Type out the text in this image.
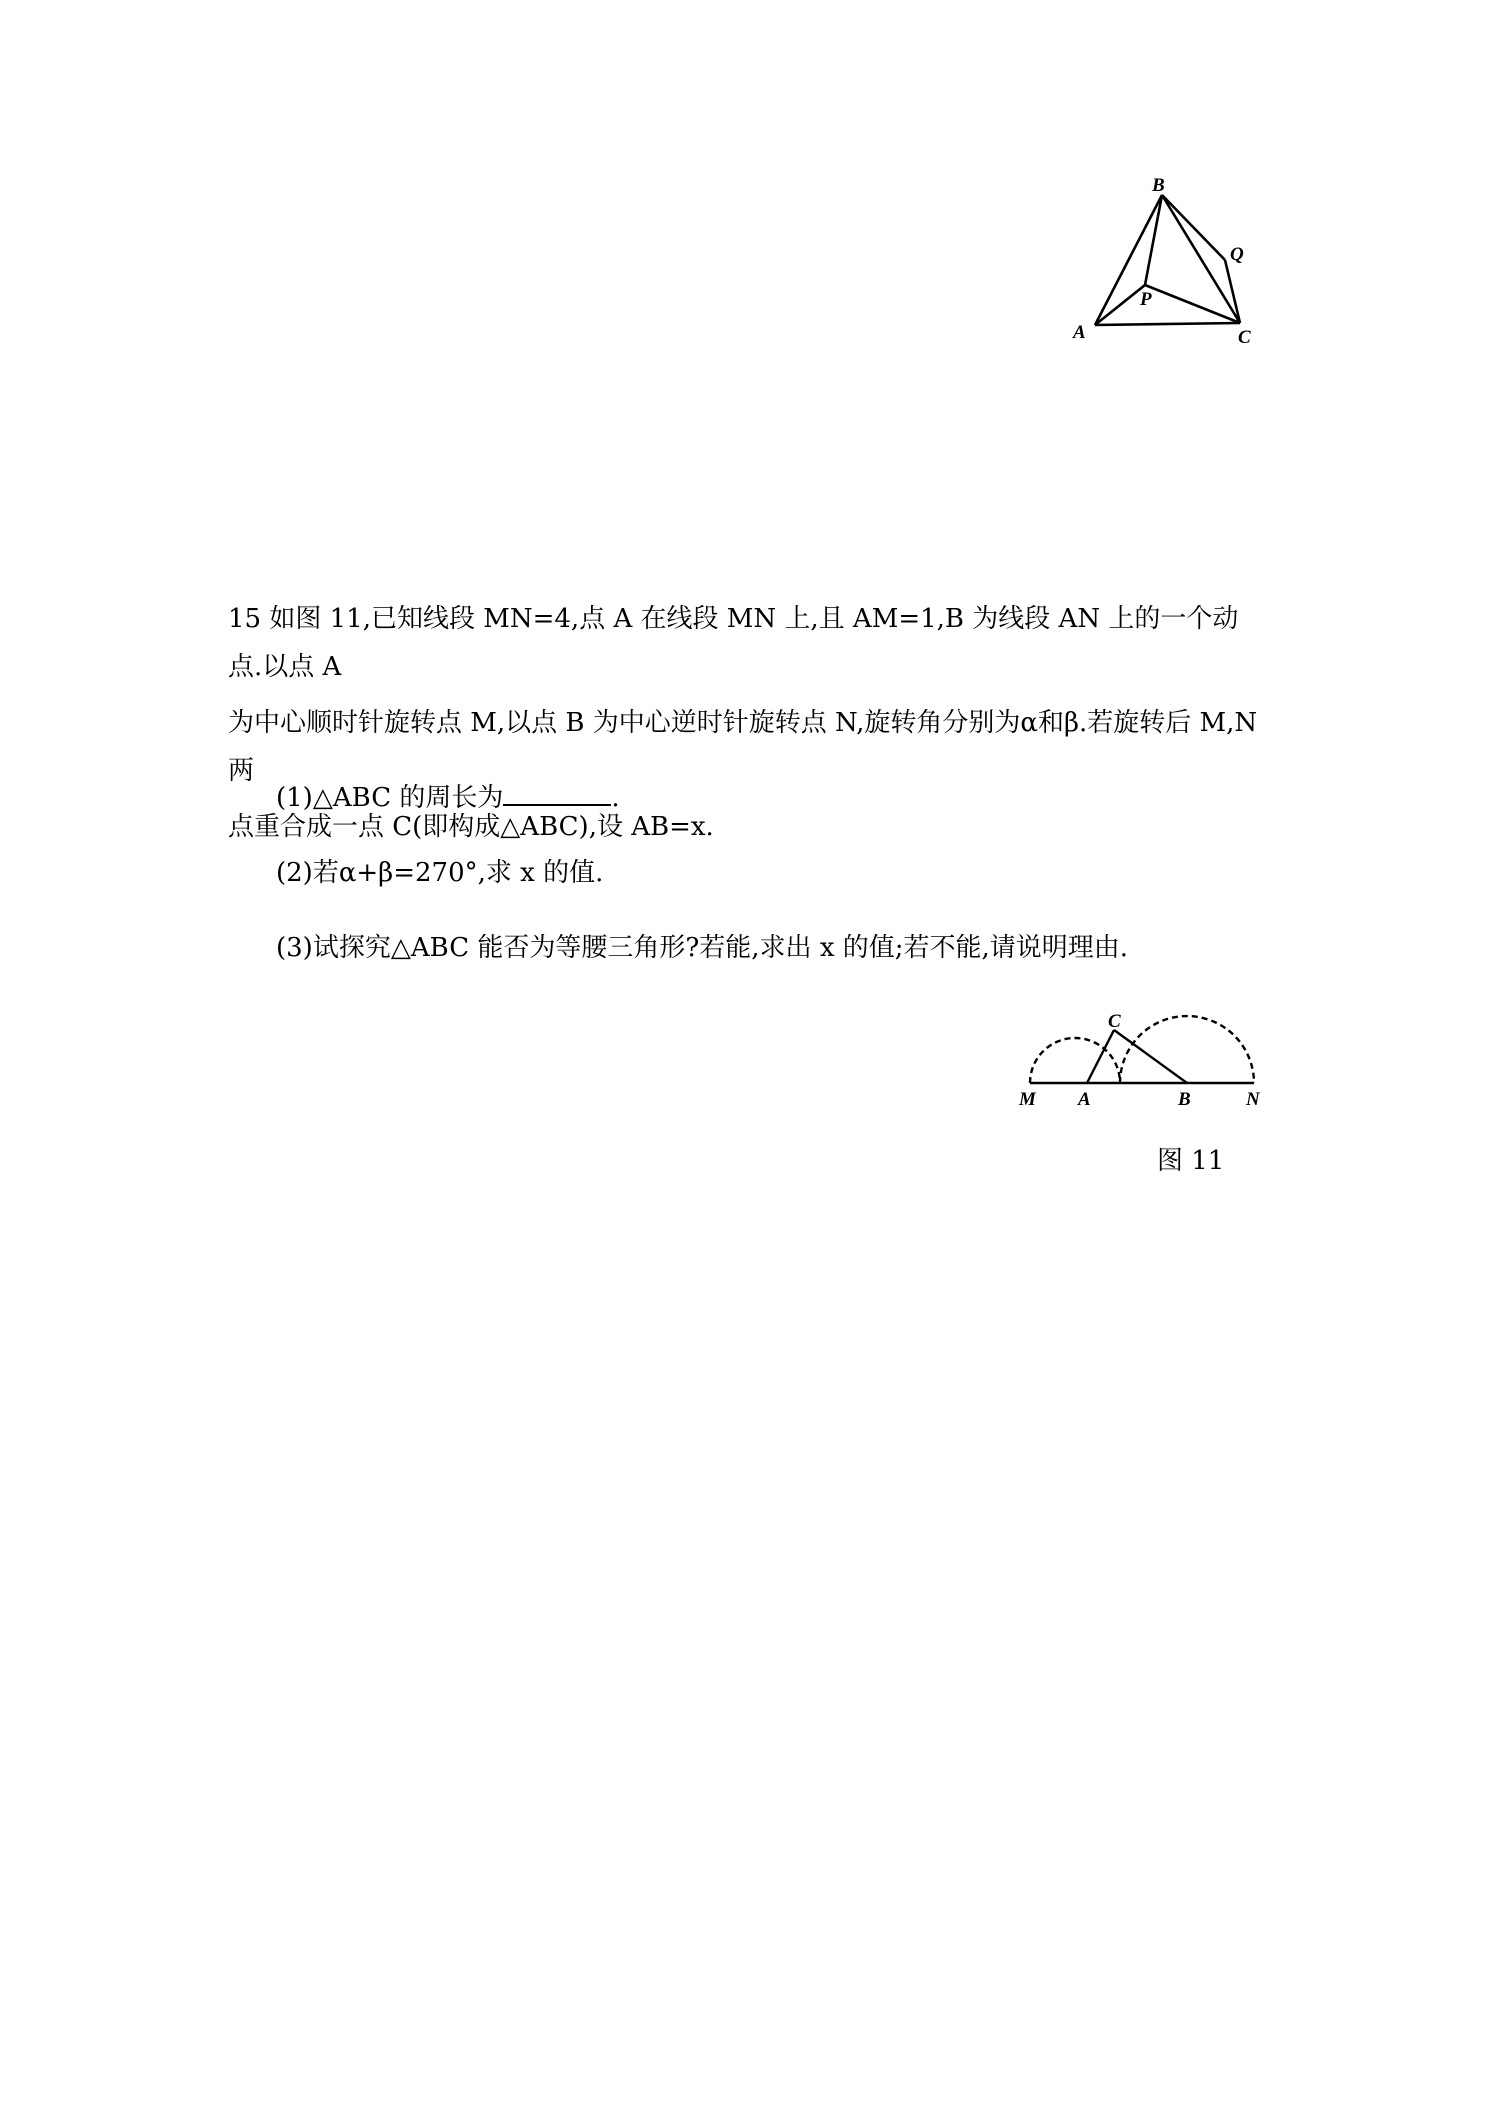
B
Q
P
A	C
15 如图 11,已知线段 MN=4,点 A 在线段 MN 上,且 AM=1,B 为线段 AN 上的一个动点.以点 A
为中心顺时针旋转点 M,以点 B 为中心逆时针旋转点 N,旋转角分别为α和β.若旋转后 M,N 两
点重合成一点 C(即构成△ABC),设 AB=x.
(1)△ABC 的周长为	.
(2)若α+β=270°,求 x 的值.
(3)试探究△ABC 能否为等腰三角形?若能,求出 x 的值;若不能,请说明理由.
C
M A	B	N
图 11
